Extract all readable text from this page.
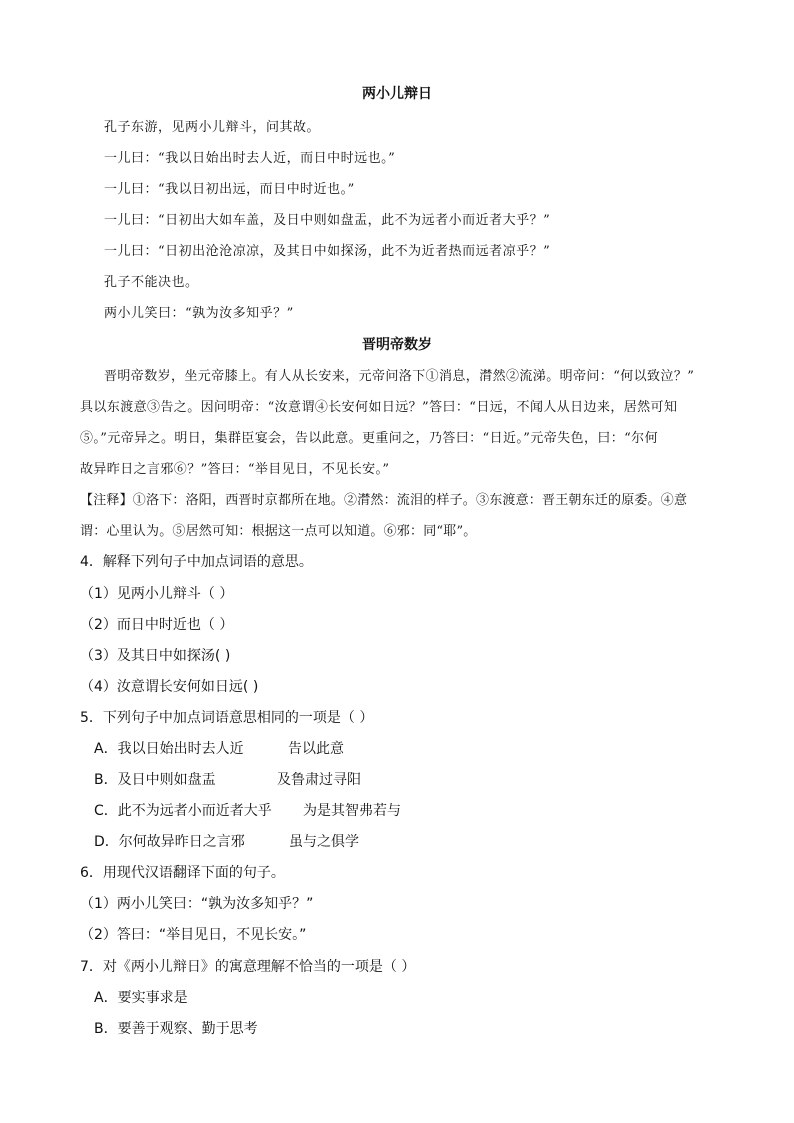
两小儿辩日
孔子东游，见两小儿辩斗，问其故。
一儿曰：“我以日始出时去人近，而日中时远也。”
一儿曰：“我以日初出远，而日中时近也。”
一儿曰：“日初出大如车盖，及日中则如盘盂，此不为远者小而近者大乎？”
一儿曰：“日初出沧沧凉凉，及其日中如探汤，此不为近者热而远者凉乎？”
孔子不能决也。
两小儿笑曰：“孰为汝多知乎？”
晋明帝数岁
晋明帝数岁，坐元帝膝上。有人从长安来，元帝问洛下①消息，潸然②流涕。明帝问：“何以致泣？”
具以东渡意③告之。因问明帝：“汝意谓④长安何如日远？”答曰：“日远，不闻人从日边来，居然可知
⑤。”元帝异之。明日，集群臣宴会，告以此意。更重问之，乃答曰：“日近。”元帝失色，曰：“尔何
故异昨日之言邪⑥？”答曰：“举目见日，不见长安。”
【注释】①洛下：洛阳，西晋时京都所在地。②潸然：流泪的样子。③东渡意：晋王朝东迁的原委。④意
谓：心里认为。⑤居然可知：根据这一点可以知道。⑥邪：同“耶”。
4．解释下列句子中加点词语的意思。
（1）见两小儿辩斗（ ）
（2）而日中时近也（ ）
（3）及其日中如探汤( )
（4）汝意谓长安何如日远( )
5．下列句子中加点词语意思相同的一项是（ ）
A．我以日始出时去人近	告以此意
B．及日中则如盘盂	及鲁肃过寻阳
C．此不为远者小而近者大乎 为是其智弗若与
D．尔何故异昨日之言邪	虽与之俱学
6．用现代汉语翻译下面的句子。
（1）两小儿笑曰：“孰为汝多知乎？”
（2）答曰：“举目见日，不见长安。”
7．对《两小儿辩日》的寓意理解不恰当的一项是（ ）
A．要实事求是
B．要善于观察、勤于思考
